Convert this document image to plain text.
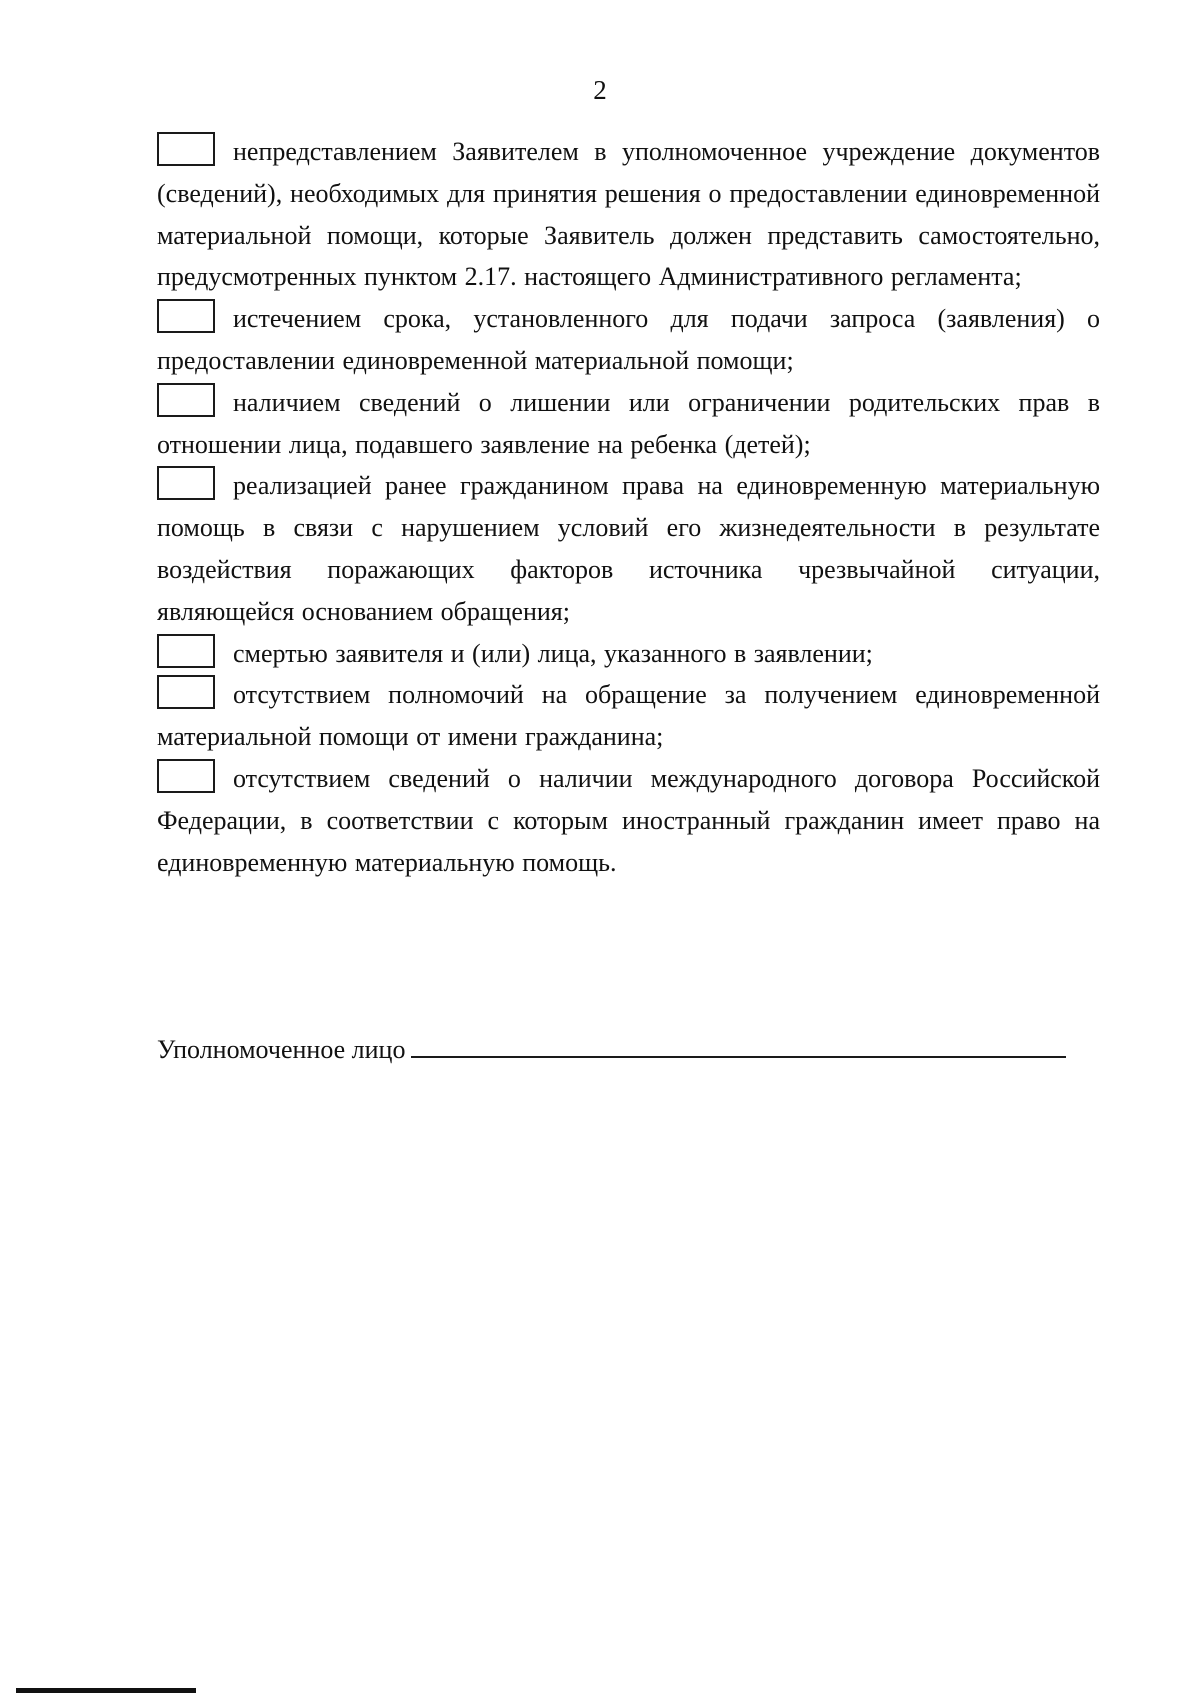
2

непредставлением Заявителем в уполномоченное учреждение документов (сведений), необходимых для принятия решения о предоставлении единовременной материальной помощи, которые Заявитель должен представить самостоятельно, предусмотренных пунктом 2.17. настоящего Административного регламента;

истечением срока, установленного для подачи запроса (заявления) о предоставлении единовременной материальной помощи;

наличием сведений о лишении или ограничении родительских прав в отношении лица, подавшего заявление на ребенка (детей);

реализацией ранее гражданином права на единовременную материальную помощь в связи с нарушением условий его жизнедеятельности в результате воздействия поражающих факторов источника чрезвычайной ситуации, являющейся основанием обращения;

смертью заявителя и (или) лица, указанного в заявлении;

отсутствием полномочий на обращение за получением единовременной материальной помощи от имени гражданина;

отсутствием сведений о наличии международного договора Российской Федерации, в соответствии с которым иностранный гражданин имеет право на единовременную материальную помощь.

Уполномоченное лицо
